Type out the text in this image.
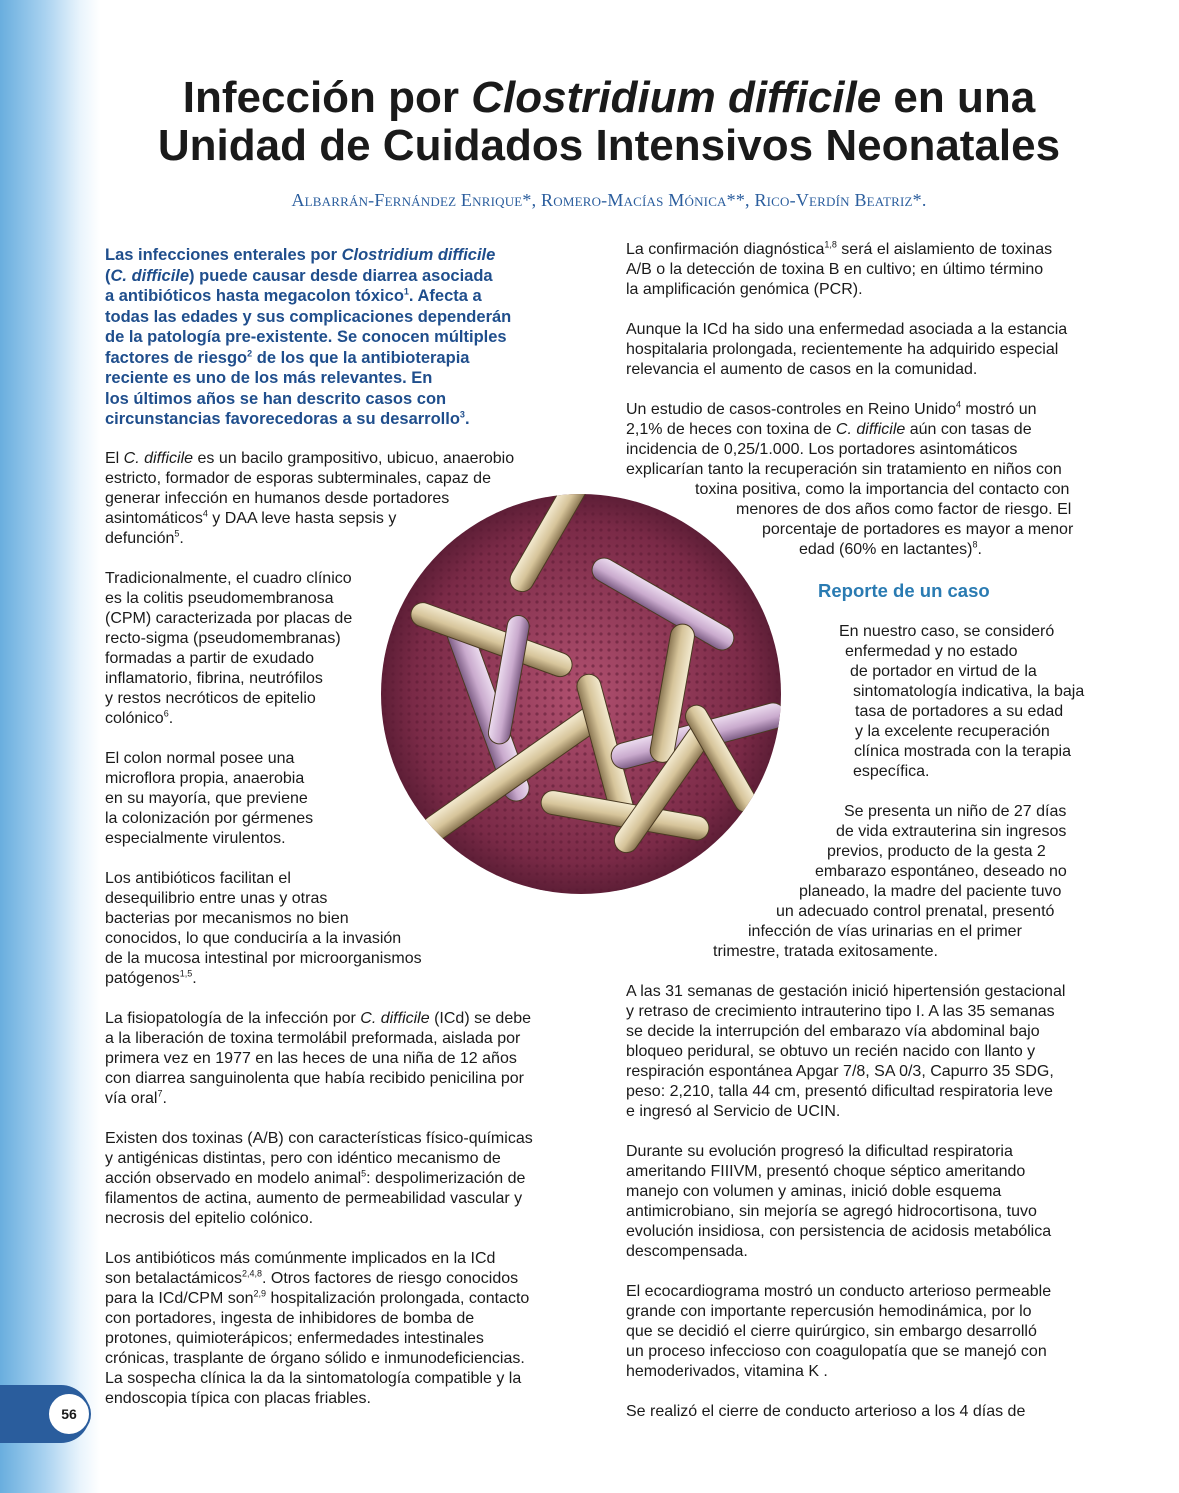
56
Infección por Clostridium difficile en una
Unidad de Cuidados Intensivos Neonatales
Albarrán-Fernández Enrique*, Romero-Macías Mónica**, Rico-Verdín Beatriz*.
Las infecciones enterales por Clostridium difficile
(C. difficile) puede causar desde diarrea asociada
a antibióticos hasta megacolon tóxico$^1$. Afecta a
todas las edades y sus complicaciones dependerán
de la patología pre-existente. Se conocen múltiples
factores de riesgo$^2$ de los que la antibioterapia
reciente es uno de los más relevantes. En
los últimos años se han descrito casos con
circunstancias favorecedoras a su desarrollo$^3$.

El C. difficile es un bacilo grampositivo, ubicuo, anaerobio
estricto, formador de esporas subterminales, capaz de
generar infección en humanos desde portadores
asintomáticos$^4$ y DAA leve hasta sepsis y
defunción$^5$.

Tradicionalmente, el cuadro clínico
es la colitis pseudomembranosa
(CPM) caracterizada por placas de
recto-sigma (pseudomembranas)
formadas a partir de exudado
inflamatorio, fibrina, neutrófilos
y restos necróticos de epitelio
colónico$^6$.

El colon normal posee una
microflora propia, anaerobia
en su mayoría, que previene
la colonización por gérmenes
especialmente virulentos.

Los antibióticos facilitan el
desequilibrio entre unas y otras
bacterias por mecanismos no bien
conocidos, lo que conduciría a la invasión
de la mucosa intestinal por microorganismos
patógenos$^{1,5}$.

La fisiopatología de la infección por C. difficile (ICd) se debe
a la liberación de toxina termolábil preformada, aislada por
primera vez en 1977 en las heces de una niña de 12 años
con diarrea sanguinolenta que había recibido penicilina por
vía oral$^7$.

Existen dos toxinas (A/B) con características físico-químicas
y antigénicas distintas, pero con idéntico mecanismo de
acción observado en modelo animal$^5$: despolimerización de
filamentos de actina, aumento de permeabilidad vascular y
necrosis del epitelio colónico.

Los antibióticos más comúnmente implicados en la ICd
son betalactámicos$^{2,4,8}$. Otros factores de riesgo conocidos
para la ICd/CPM son$^{2,9}$ hospitalización prolongada, contacto
con portadores, ingesta de inhibidores de bomba de
protones, quimioterápicos; enfermedades intestinales
crónicas, trasplante de órgano sólido e inmunodeficiencias.
La sospecha clínica la da la sintomatología compatible y la
endoscopia típica con placas friables.

La confirmación diagnóstica$^{1,8}$ será el aislamiento de toxinas
A/B o la detección de toxina B en cultivo; en último término
la amplificación genómica (PCR).

Aunque la ICd ha sido una enfermedad asociada a la estancia
hospitalaria prolongada, recientemente ha adquirido especial
relevancia el aumento de casos en la comunidad.

Un estudio de casos-controles en Reino Unido$^4$ mostró un
2,1% de heces con toxina de C. difficile aún con tasas de
incidencia de 0,25/1.000. Los portadores asintomáticos
explicarían tanto la recuperación sin tratamiento en niños con
toxina positiva, como la importancia del contacto con
menores de dos años como factor de riesgo. El
porcentaje de portadores es mayor a menor
edad (60% en lactantes)$^8$.

Reporte de un caso

En nuestro caso, se consideró
enfermedad y no estado
de portador en virtud de la
sintomatología indicativa, la baja
tasa de portadores a su edad
y la excelente recuperación
clínica mostrada con la terapia
específica.

Se presenta un niño de 27 días
de vida extrauterina sin ingresos
previos, producto de la gesta 2
embarazo espontáneo, deseado no
planeado, la madre del paciente tuvo
un adecuado control prenatal, presentó
infección de vías urinarias en el primer
trimestre, tratada exitosamente.

A las 31 semanas de gestación inició hipertensión gestacional
y retraso de crecimiento intrauterino tipo I. A las 35 semanas
se decide la interrupción del embarazo vía abdominal bajo
bloqueo peridural, se obtuvo un recién nacido con llanto y
respiración espontánea Apgar 7/8, SA 0/3, Capurro 35 SDG,
peso: 2,210, talla 44 cm, presentó dificultad respiratoria leve
e ingresó al Servicio de UCIN.

Durante su evolución progresó la dificultad respiratoria
ameritando FIIIVM, presentó choque séptico ameritando
manejo con volumen y aminas, inició doble esquema
antimicrobiano, sin mejoría se agregó hidrocortisona, tuvo
evolución insidiosa, con persistencia de acidosis metabólica
descompensada.

El ecocardiograma mostró un conducto arterioso permeable
grande con importante repercusión hemodinámica, por lo
que se decidió el cierre quirúrgico, sin embargo desarrolló
un proceso infeccioso con coagulopatía que se manejó con
hemoderivados, vitamina K .

Se realizó el cierre de conducto arterioso a los 4 días de
